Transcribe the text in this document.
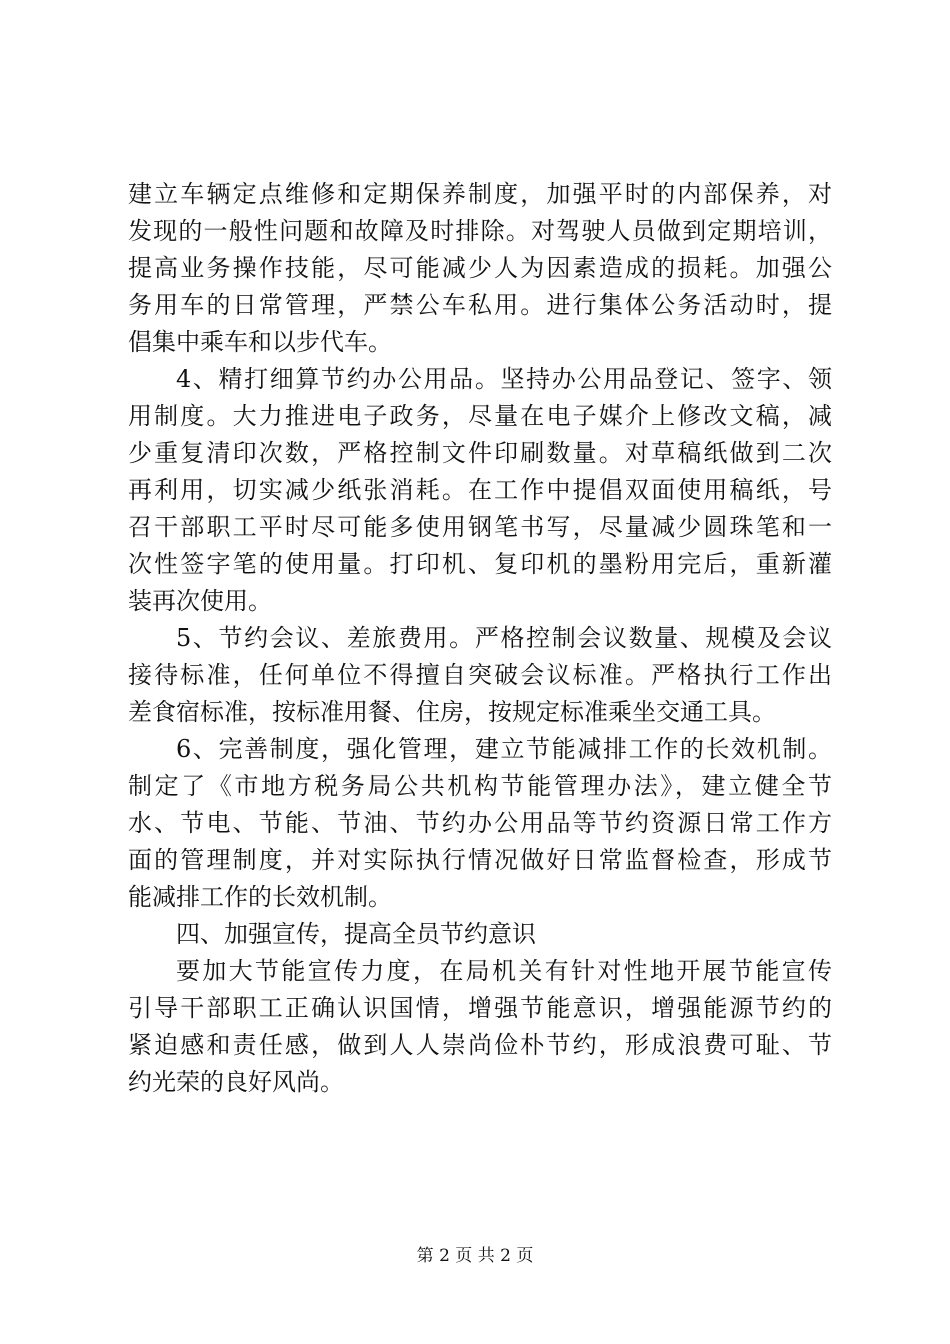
建立车辆定点维修和定期保养制度，加强平时的内部保养，对
发现的一般性问题和故障及时排除。对驾驶人员做到定期培训，
提高业务操作技能，尽可能减少人为因素造成的损耗。加强公
务用车的日常管理，严禁公车私用。进行集体公务活动时，提
倡集中乘车和以步代车。
4、精打细算节约办公用品。坚持办公用品登记、签字、领
用制度。大力推进电子政务，尽量在电子媒介上修改文稿，减
少重复清印次数，严格控制文件印刷数量。对草稿纸做到二次
再利用，切实减少纸张消耗。在工作中提倡双面使用稿纸，号
召干部职工平时尽可能多使用钢笔书写，尽量减少圆珠笔和一
次性签字笔的使用量。打印机、复印机的墨粉用完后，重新灌
装再次使用。
5、节约会议、差旅费用。严格控制会议数量、规模及会议
接待标准，任何单位不得擅自突破会议标准。严格执行工作出
差食宿标准，按标准用餐、住房，按规定标准乘坐交通工具。
6、完善制度，强化管理，建立节能减排工作的长效机制。
制定了《市地方税务局公共机构节能管理办法》，建立健全节
水、节电、节能、节油、节约办公用品等节约资源日常工作方
面的管理制度，并对实际执行情况做好日常监督检查，形成节
能减排工作的长效机制。
四、加强宣传，提高全员节约意识
要加大节能宣传力度，在局机关有针对性地开展节能宣传
引导干部职工正确认识国情，增强节能意识，增强能源节约的
紧迫感和责任感，做到人人崇尚俭朴节约，形成浪费可耻、节
约光荣的良好风尚。
第 2 页 共 2 页
